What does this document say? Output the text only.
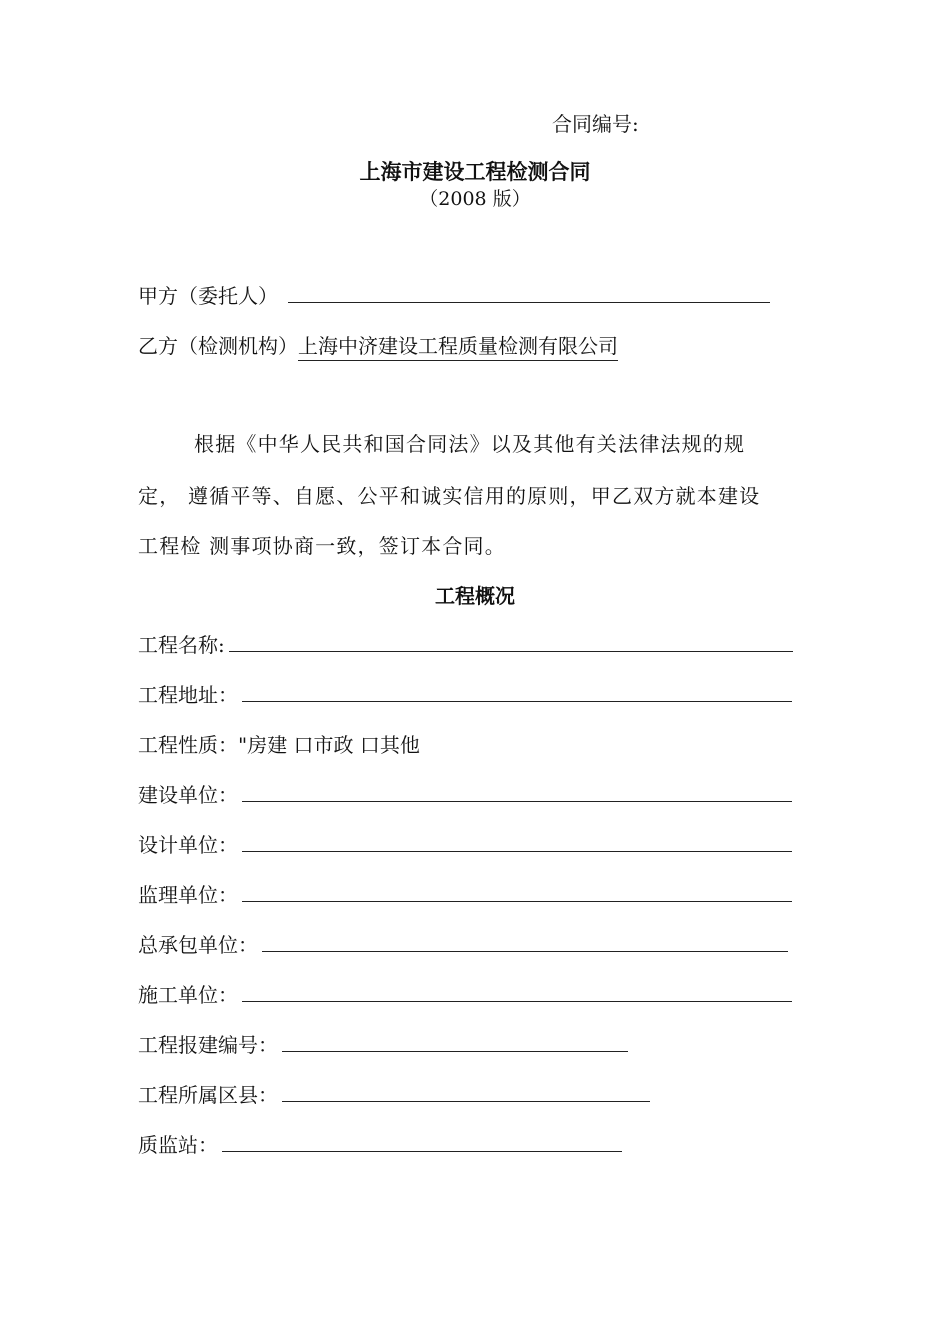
合同编号:
上海市建设工程检测合同
（2008 版）
甲方（委托人）
乙方（检测机构） 上海中济建设工程质量检测有限公司
根据《中华人民共和国合同法》以及其他有关法律法规的规
定， 遵循平等、自愿、公平和诚实信用的原则，甲乙双方就本建设
工程检 测事项协商一致，签订本合同。
工程概况
工程名称:
工程地址：
工程性质： "房建 口市政 口其他
建设单位：
设计单位：
监理单位：
总承包单位：
施工单位：
工程报建编号：
工程所属区县：
质监站：
